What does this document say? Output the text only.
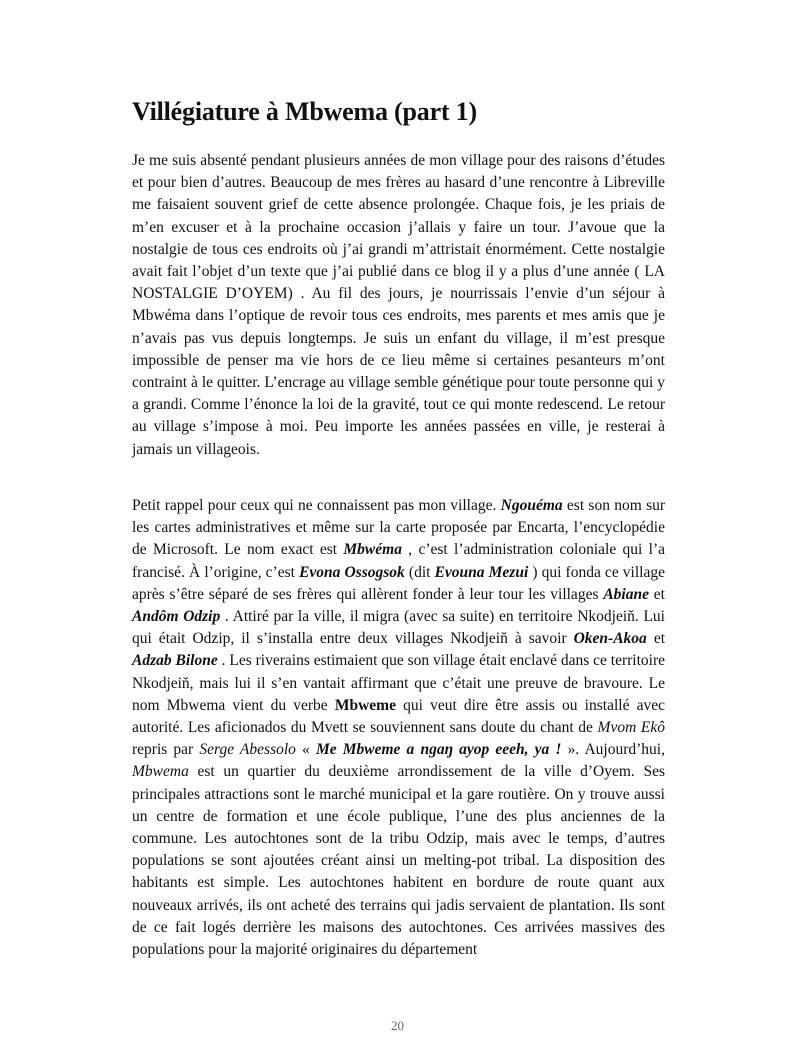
Villégiature à Mbwema (part 1)

Je me suis absenté pendant plusieurs années de mon village pour des raisons d’études et pour bien d’autres. Beaucoup de mes frères au hasard d’une rencontre à Libreville me faisaient souvent grief de cette absence prolongée. Chaque fois, je les priais de m’en excuser et à la prochaine occasion j’allais y faire un tour. J’avoue que la nostalgie de tous ces endroits où j’ai grandi m’attristait énormément. Cette nostalgie avait fait l’objet d’un texte que j’ai publié dans ce blog il y a plus d’une année ( LA NOSTALGIE D’OYEM) . Au fil des jours, je nourrissais l’envie d’un séjour à Mbwéma dans l’optique de revoir tous ces endroits, mes parents et mes amis que je n’avais pas vus depuis longtemps. Je suis un enfant du village, il m’est presque impossible de penser ma vie hors de ce lieu même si certaines pesanteurs m’ont contraint à le quitter. L’encrage au village semble génétique pour toute personne qui y a grandi. Comme l’énonce la loi de la gravité, tout ce qui monte redescend. Le retour au village s’impose à moi. Peu importe les années passées en ville, je resterai à jamais un villageois.

Petit rappel pour ceux qui ne connaissent pas mon village. Ngouéma est son nom sur les cartes administratives et même sur la carte proposée par Encarta, l’encyclopédie de Microsoft. Le nom exact est Mbwéma , c’est l’administration coloniale qui l’a francisé. À l’origine, c’est Evona Ossogsok (dit Evouna Mezui ) qui fonda ce village après s’être séparé de ses frères qui allèrent fonder à leur tour les villages Abiane et Andôm Odzip . Attiré par la ville, il migra (avec sa suite) en territoire Nkodjeiň. Lui qui était Odzip, il s’installa entre deux villages Nkodjeiň à savoir Oken-Akoa et Adzab Bilone . Les riverains estimaient que son village était enclavé dans ce territoire Nkodjeiň, mais lui il s’en vantait affirmant que c’était une preuve de bravoure. Le nom Mbwema vient du verbe Mbweme qui veut dire être assis ou installé avec autorité. Les aficionados du Mvett se souviennent sans doute du chant de Mvom Ekô repris par Serge Abessolo « Me Mbweme a ngaŋ ayop eeeh, ya ! ». Aujourd’hui, Mbwema est un quartier du deuxième arrondissement de la ville d’Oyem. Ses principales attractions sont le marché municipal et la gare routière. On y trouve aussi un centre de formation et une école publique, l’une des plus anciennes de la commune. Les autochtones sont de la tribu Odzip, mais avec le temps, d’autres populations se sont ajoutées créant ainsi un melting-pot tribal. La disposition des habitants est simple. Les autochtones habitent en bordure de route quant aux nouveaux arrivés, ils ont acheté des terrains qui jadis servaient de plantation. Ils sont de ce fait logés derrière les maisons des autochtones. Ces arrivées massives des populations pour la majorité originaires du département

20
